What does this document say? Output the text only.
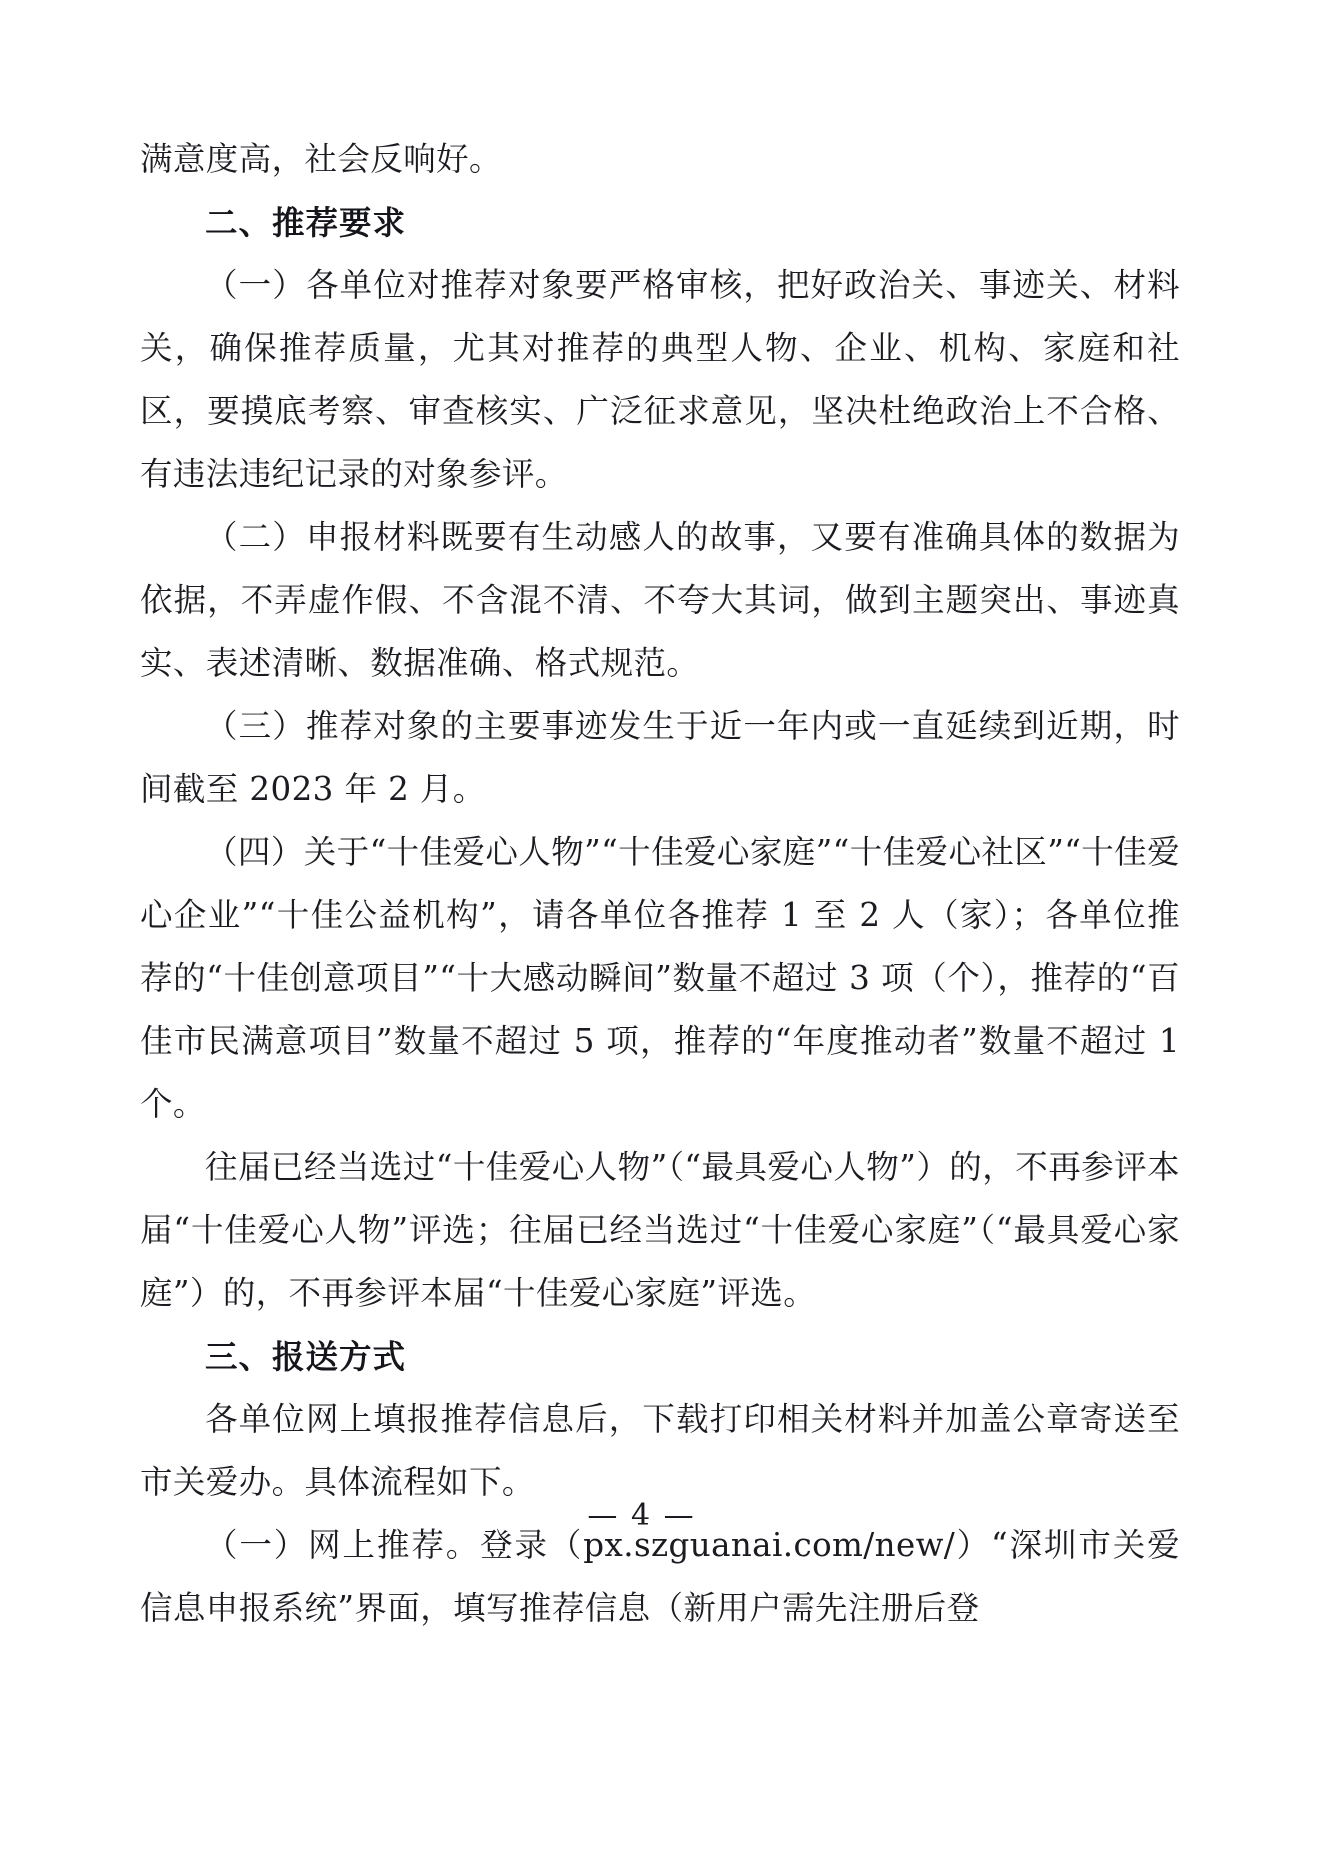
满意度高，社会反响好。

二、推荐要求

（一）各单位对推荐对象要严格审核，把好政治关、事迹关、材料关，确保推荐质量，尤其对推荐的典型人物、企业、机构、家庭和社区，要摸底考察、审查核实、广泛征求意见，坚决杜绝政治上不合格、有违法违纪记录的对象参评。

（二）申报材料既要有生动感人的故事，又要有准确具体的数据为依据，不弄虚作假、不含混不清、不夸大其词，做到主题突出、事迹真实、表述清晰、数据准确、格式规范。

（三）推荐对象的主要事迹发生于近一年内或一直延续到近期，时间截至 2023 年 2 月。

（四）关于“十佳爱心人物”“十佳爱心家庭”“十佳爱心社区”“十佳爱心企业”“十佳公益机构”，请各单位各推荐 1 至 2 人（家）；各单位推荐的“十佳创意项目”“十大感动瞬间”数量不超过 3 项（个），推荐的“百佳市民满意项目”数量不超过 5 项，推荐的“年度推动者”数量不超过 1 个。

往届已经当选过“十佳爱心人物”（“最具爱心人物”）的，不再参评本届“十佳爱心人物”评选；往届已经当选过“十佳爱心家庭”（“最具爱心家庭”）的，不再参评本届“十佳爱心家庭”评选。

三、报送方式

各单位网上填报推荐信息后，下载打印相关材料并加盖公章寄送至市关爱办。具体流程如下。

（一）网上推荐。登录（px.szguanai.com/new/）“深圳市关爱信息申报系统”界面，填写推荐信息（新用户需先注册后登

— 4 —
